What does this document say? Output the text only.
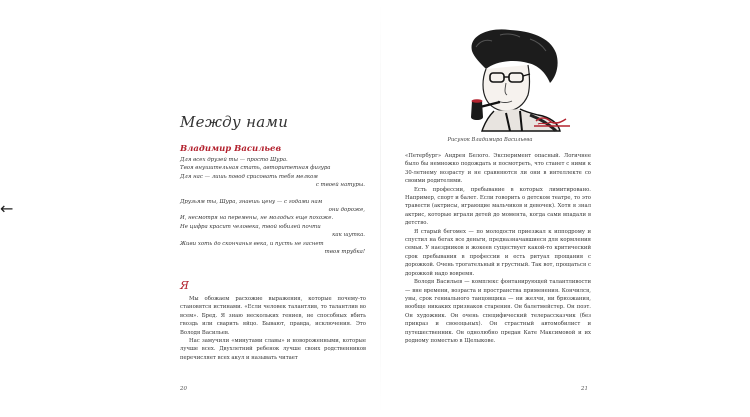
←
Между нами
Владимир Васильев
Для всех друзей ты — просто Шура.
Твоя внушительная стать, авторитетная фигура
Для нас — лишь повод срисовать тебя мелком
с твоей натуры.
Друзьям ты, Шура, знаешь цену — с годами нам
они дороже,
И, несмотря на перемены, не молодых еще похоже.
Не цифра красит человека, твой юбилей почти
как шутка.
Живи хоть до скончанья века, и пусть не гаснет
твоя трубка!
Я

Мы обожаем расхожие выражения, которые почему-то становятся истинами. «Если человек талантлив, то талантлив во всем». Бред. Я знаю нескольких гениев, не способных вбить гвоздь или сварить яйцо. Бывают, правда, исключения. Это Володя Васильев.

Нас замучили «минутами славы» и новороженными, которые лучше всех. Двухлетний ребенок лучше своих родственников перечисляет всех акул и называть читает

20
Рисунок Владимира Васильева

«Петербург» Андрея Белого. Эксперимент опасный. Логичнее было бы немножко подождать и посмотреть, что станет с ними к 30-летнему возрасту и не сравняются ли они в интеллекте со своими родителями.

Есть профессии, пребывание в которых лимитировано. Например, спорт и балет. Если говорить о детском театре, то это травести (актрисы, играющие мальчиков и девочек). Хотя я знал актрис, которые играли детей до момента, когда сами впадали в детство.

Я старый бегомех — по молодости приезжал к ипподрому и спустил на бегах все деньги, предназначавшиеся для кормления семьи. У наездников и жокеев существует какой-то критический срок пребывания в профессии и есть ритуал прощания с дорожкой. Очень трогательный и грустный. Так вот, прощаться с дорожкой надо вовремя.

Володя Васильев — комплекс фонтанирующей талантливости — вне времени, возраста и пространства применения. Кончился, увы, срок гениального танцовщика — ни желчи, ни брюзжания, вообще никаких признаков старения. Он балетмейстер. Он поэт. Он художник. Он очень специфический телерассказчик (без прикраз и своеоцьных). Он страстный автомобилист и путешественник. Он однолюбно предан Кате Максимовой и их родному поместью в Щелыкове.

21
